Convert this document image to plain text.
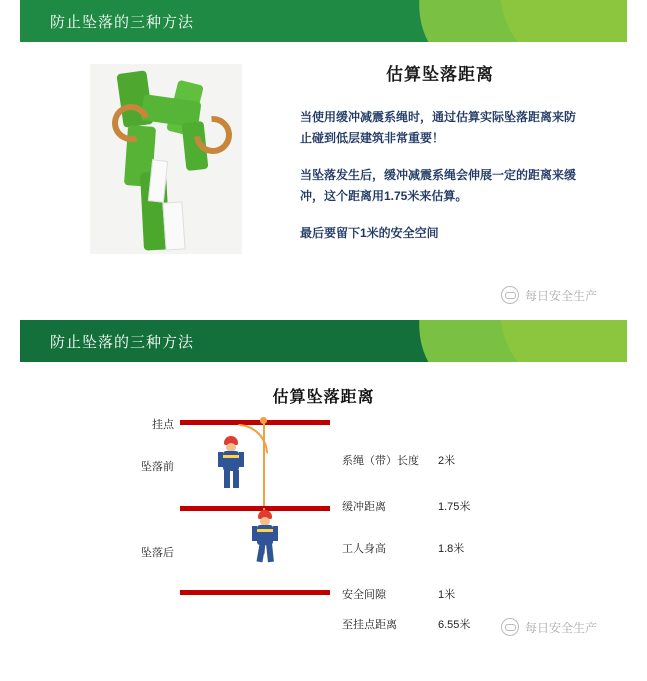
防止坠落的三种方法
估算坠落距离
当使用缓冲减震系绳时，通过估算实际坠落距离来防止碰到低层建筑非常重要！
当坠落发生后，缓冲减震系绳会伸展一定的距离来缓冲，这个距离用1.75米来估算。
最后要留下1米的安全空间
每日安全生产
防止坠落的三种方法
估算坠落距离
挂点
坠落前
坠落后
系绳（带）长度 2米
缓冲距离	1.75米
工人身高	1.8米
安全间隙	1米
至挂点距离	6.55米	每日安全生产
